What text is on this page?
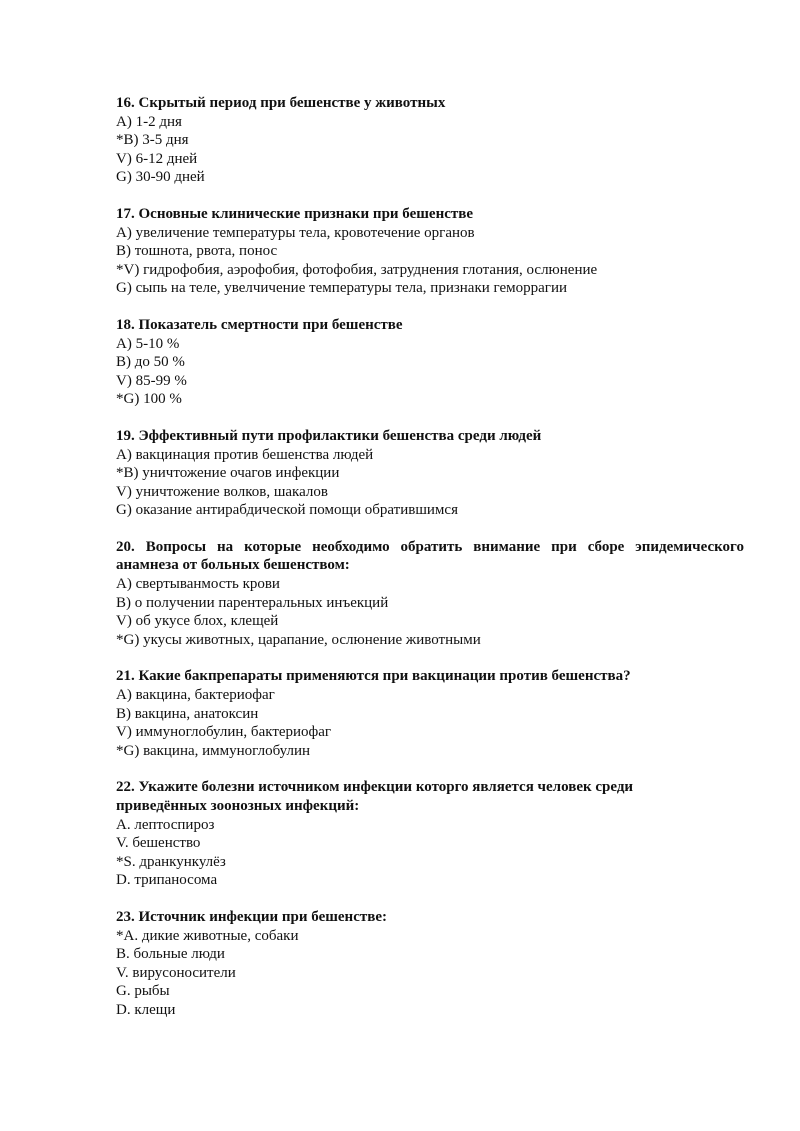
16. Скрытый период при бешенстве у животных

А) 1-2 дня

*B) 3-5 дня

V) 6-12 дней

G) 30-90 дней

17. Основные клинические признаки при бешенстве

А) увеличение температуры тела, кровотечение органов

B) тошнота, рвота, понос

*V) гидрофобия, аэрофобия, фотофобия, затруднения глотания, ослюнение

G) сыпь на теле, увелчичение температуры тела, признаки геморрагии

18. Показатель смертности при бешенстве

А) 5-10 %

B) до 50 %

V) 85-99 %

*G) 100 %

19. Эффективный пути профилактики бешенства среди людей

А) вакцинация против бешенства людей

*B) уничтожение очагов инфекции

V) уничтожение волков, шакалов

G) оказание антирабдической помощи обратившимся

20. Вопросы на которые необходимо обратить внимание при сборе эпидемического анамнеза от больных бешенством:

А) свертыванмость крови

B) о получении парентеральных инъекций

V) об укусе блох, клещей

*G) укусы животных, царапание, ослюнение животными

21. Какие бакпрепараты применяются при вакцинации против бешенства?

А) вакцина, бактериофаг

B) вакцина, анатоксин

V) иммуноглобулин, бактериофаг

*G) вакцина, иммуноглобулин

22. Укажите болезни источником инфекции которго является человек среди приведённых зоонозных инфекций:

A. лептоспироз

V. бешенство

*S. дранкункулёз

D. трипаносома

23. Источник инфекции при бешенстве:

*A. дикие животные, собаки

B. больные люди

V. вирусоносители

G. рыбы

D. клещи
